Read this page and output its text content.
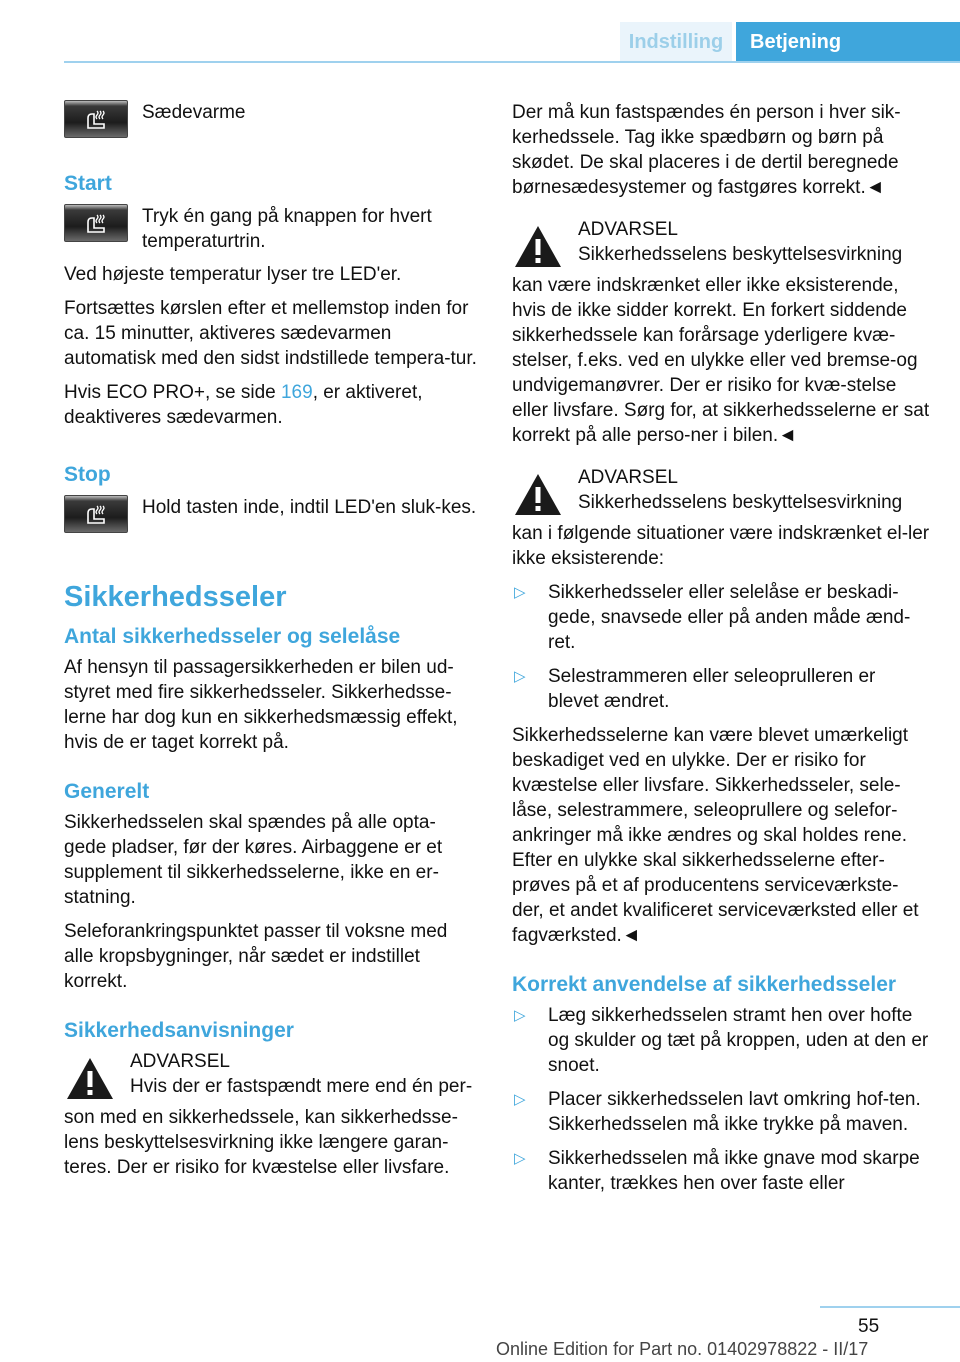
Indstilling	Betjening
Sædevarme
Start
Tryk én gang på knappen for hvert temperaturtrin.

Ved højeste temperatur lyser tre LED'er.

Fortsættes kørslen efter et mellemstop inden for ca. 15 minutter, aktiveres sædevarmen automatisk med den sidst indstillede tempera-tur.

Hvis ECO PRO+, se side 169, er aktiveret, deaktiveres sædevarmen.

Stop
Hold tasten inde, indtil LED'en sluk-kes.
Sikkerhedsseler
Antal sikkerhedsseler og selelåse

Af hensyn til passagersikkerheden er bilen ud-styret med fire sikkerhedsseler. Sikkerhedsse-lerne har dog kun en sikkerhedsmæssig effekt, hvis de er taget korrekt på.

Generelt

Sikkerhedsselen skal spændes på alle opta-gede pladser, før der køres. Airbaggene er et supplement til sikkerhedsselerne, ikke en er-statning.

Seleforankringspunktet passer til voksne med alle kropsbygninger, når sædet er indstillet korrekt.

Sikkerhedsanvisninger
ADVARSEL
Hvis der er fastspændt mere end én per-

son med en sikkerhedssele, kan sikkerhedsse-lens beskyttelsesvirkning ikke længere garan-teres. Der er risiko for kvæstelse eller livsfare.

Der må kun fastspændes én person i hver sik-kerhedssele. Tag ikke spædbørn og børn på skødet. De skal placeres i de dertil beregnede børnesædesystemer og fastgøres korrekt.◄

ADVARSEL
Sikkerhedsselens beskyttelsesvirkning

kan være indskrænket eller ikke eksisterende, hvis de ikke sidder korrekt. En forkert siddende sikkerhedssele kan forårsage yderligere kvæ-stelser, f.eks. ved en ulykke eller ved bremse-og undvigemanøvrer. Der er risiko for kvæ-stelse eller livsfare. Sørg for, at sikkerhedsselerne er sat korrekt på alle perso-ner i bilen.◄

ADVARSEL
Sikkerhedsselens beskyttelsesvirkning

kan i følgende situationer være indskrænket el-ler ikke eksisterende:

▷	Sikkerhedsseler eller selelåse er beskadi-gede, snavsede eller på anden måde ænd-ret.
▷	Selestrammeren eller seleoprulleren er blevet ændret.

Sikkerhedsselerne kan være blevet umærkeligt beskadiget ved en ulykke. Der er risiko for kvæstelse eller livsfare. Sikkerhedsseler, sele-låse, selestrammere, seleoprullere og selefor-ankringer må ikke ændres og skal holdes rene. Efter en ulykke skal sikkerhedsselerne efter-prøves på et af producentens serviceværkste-der, et andet kvalificeret serviceværksted eller et fagværksted.◄

Korrekt anvendelse af sikkerhedsseler
▷	Læg sikkerhedsselen stramt hen over hofte og skulder og tæt på kroppen, uden at den er snoet.
▷	Placer sikkerhedsselen lavt omkring hof-ten. Sikkerhedsselen må ikke trykke på maven.
▷	Sikkerhedsselen må ikke gnave mod skarpe kanter, trækkes hen over faste eller
55
Online Edition for Part no. 01402978822 - II/17
